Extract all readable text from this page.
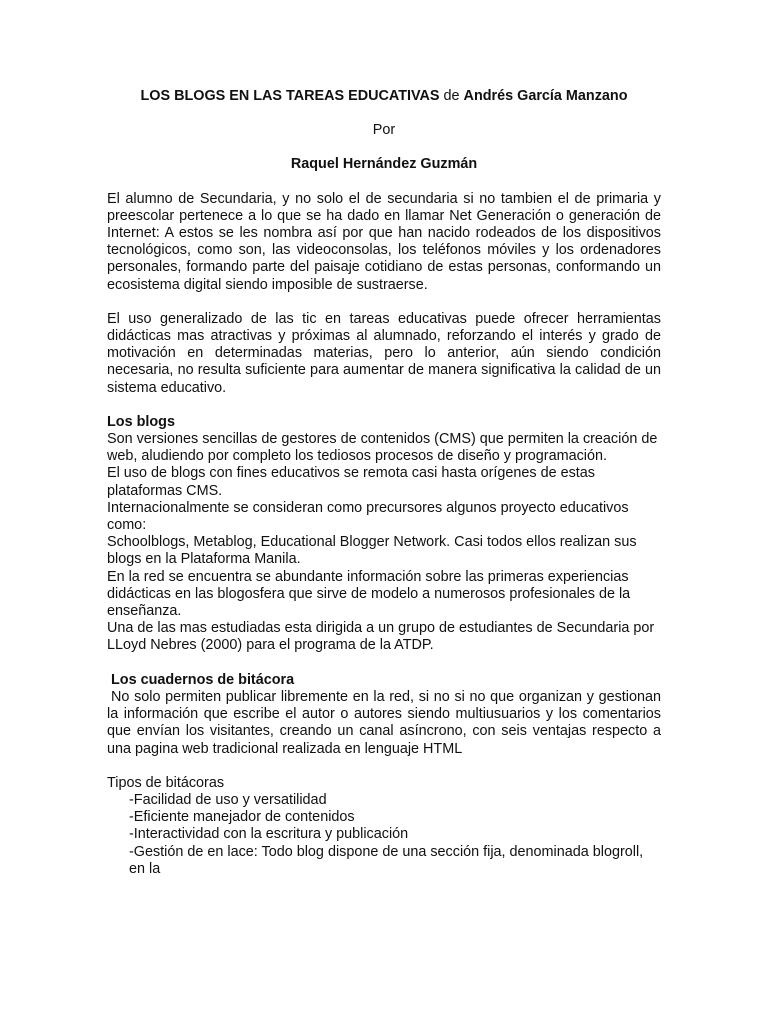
LOS BLOGS EN LAS TAREAS EDUCATIVAS de Andrés García Manzano

Por

Raquel Hernández Guzmán

El alumno de Secundaria, y no solo el de secundaria si no tambien el de primaria y preescolar pertenece a lo que se ha dado en llamar Net Generación o generación de Internet: A estos se les nombra así por que han nacido rodeados de los dispositivos tecnológicos, como son, las videoconsolas, los teléfonos móviles y los ordenadores personales, formando parte del paisaje cotidiano de estas personas, conformando un ecosistema digital siendo imposible de sustraerse.

El uso generalizado de las tic en tareas educativas puede ofrecer herramientas didácticas mas atractivas y próximas al alumnado, reforzando el interés y grado de motivación en determinadas materias, pero lo anterior, aún siendo condición necesaria, no resulta suficiente para aumentar de manera significativa la calidad de un sistema educativo.

Los blogs

Son versiones sencillas de gestores de contenidos (CMS) que permiten la creación de web, aludiendo por completo los tediosos procesos de diseño y programación.

El uso de blogs con fines educativos se remota casi hasta orígenes de estas plataformas CMS.

Internacionalmente se consideran como precursores algunos proyecto educativos como:

Schoolblogs, Metablog, Educational Blogger Network. Casi todos ellos realizan sus blogs en la Plataforma Manila.

En la red se encuentra se abundante información sobre las primeras experiencias didácticas en las blogosfera que sirve de modelo a numerosos profesionales de la enseñanza.

Una de las mas estudiadas esta dirigida a un grupo de estudiantes de Secundaria por LLoyd Nebres (2000) para el programa de la ATDP.

Los cuadernos de bitácora

No solo permiten publicar libremente en la red, si no si no que organizan y gestionan la información que escribe el autor o autores siendo multiusuarios y los comentarios que envían los visitantes, creando un canal asíncrono, con seis ventajas respecto a una pagina web tradicional realizada en lenguaje HTML

Tipos de bitácoras

-Facilidad de uso y versatilidad
-Eficiente manejador de contenidos
-Interactividad con la escritura y publicación
-Gestión de en lace: Todo blog dispone de una sección fija, denominada blogroll, en la
